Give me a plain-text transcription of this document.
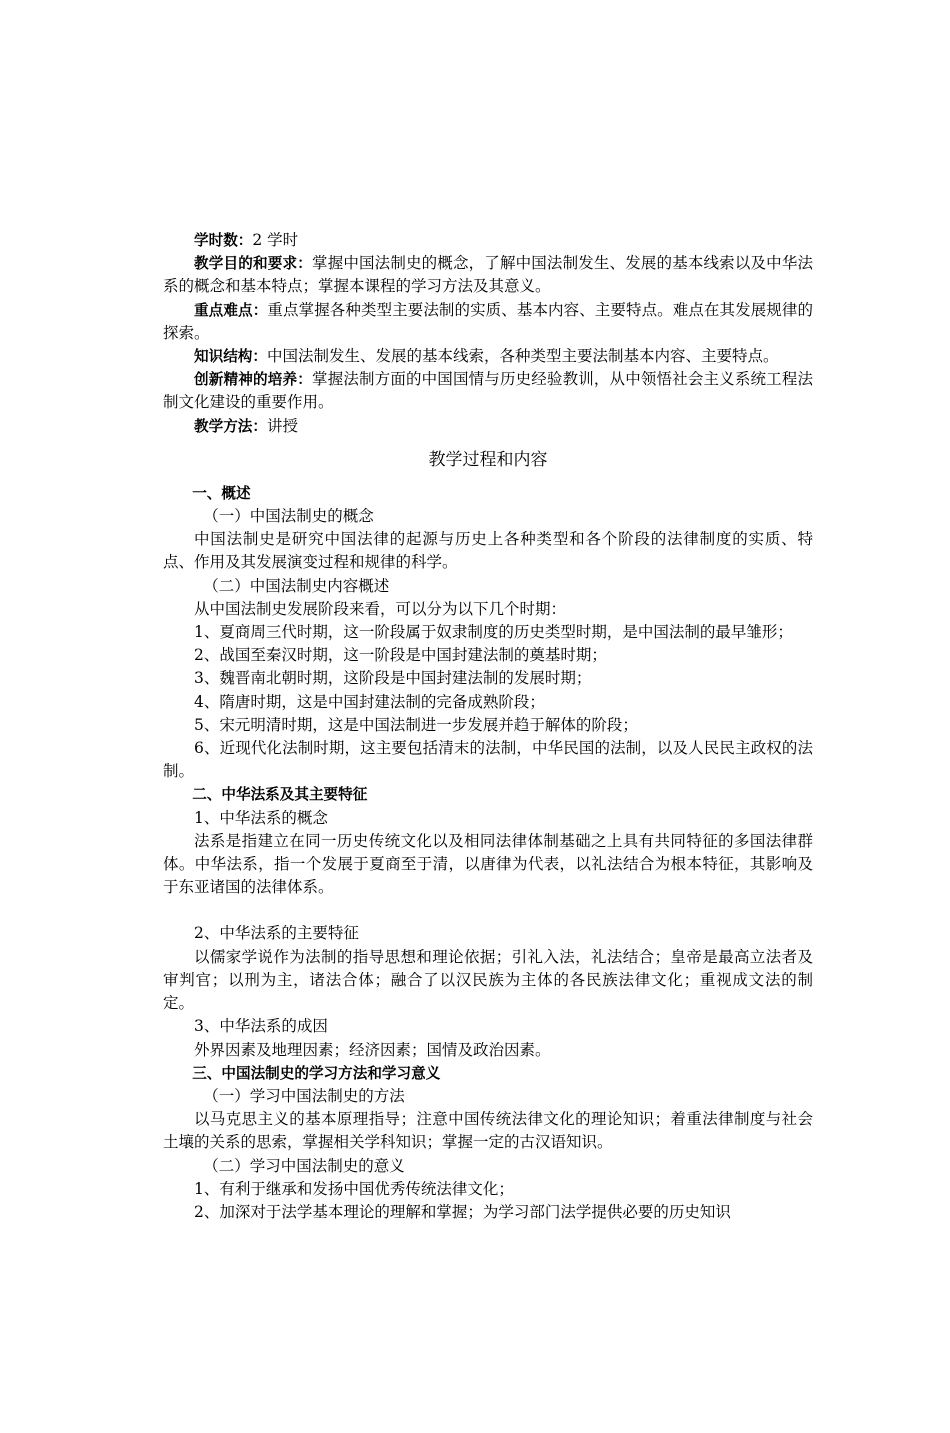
学时数：2 学时

教学目的和要求：掌握中国法制史的概念，了解中国法制发生、发展的基本线索以及中华法系的概念和基本特点；掌握本课程的学习方法及其意义。

重点难点：重点掌握各种类型主要法制的实质、基本内容、主要特点。难点在其发展规律的探索。

知识结构：中国法制发生、发展的基本线索，各种类型主要法制基本内容、主要特点。

创新精神的培养：掌握法制方面的中国国情与历史经验教训，从中领悟社会主义系统工程法制文化建设的重要作用。

教学方法：讲授

教学过程和内容

一、概述

（一）中国法制史的概念

中国法制史是研究中国法律的起源与历史上各种类型和各个阶段的法律制度的实质、特点、作用及其发展演变过程和规律的科学。

（二）中国法制史内容概述

从中国法制史发展阶段来看，可以分为以下几个时期：

1、夏商周三代时期，这一阶段属于奴隶制度的历史类型时期，是中国法制的最早雏形；

2、战国至秦汉时期，这一阶段是中国封建法制的奠基时期；

3、魏晋南北朝时期，这阶段是中国封建法制的发展时期；

4、隋唐时期，这是中国封建法制的完备成熟阶段；

5、宋元明清时期，这是中国法制进一步发展并趋于解体的阶段；

6、近现代化法制时期，这主要包括清末的法制，中华民国的法制，以及人民民主政权的法制。

二、中华法系及其主要特征

1、中华法系的概念

法系是指建立在同一历史传统文化以及相同法律体制基础之上具有共同特征的多国法律群体。中华法系，指一个发展于夏商至于清，以唐律为代表，以礼法结合为根本特征，其影响及于东亚诸国的法律体系。

2、中华法系的主要特征

以儒家学说作为法制的指导思想和理论依据；引礼入法，礼法结合；皇帝是最高立法者及审判官；以刑为主，诸法合体；融合了以汉民族为主体的各民族法律文化；重视成文法的制定。

3、中华法系的成因

外界因素及地理因素；经济因素；国情及政治因素。

三、中国法制史的学习方法和学习意义

（一）学习中国法制史的方法

以马克思主义的基本原理指导；注意中国传统法律文化的理论知识；着重法律制度与社会土壤的关系的思索，掌握相关学科知识；掌握一定的古汉语知识。

（二）学习中国法制史的意义

1、有利于继承和发扬中国优秀传统法律文化；

2、加深对于法学基本理论的理解和掌握；为学习部门法学提供必要的历史知识
